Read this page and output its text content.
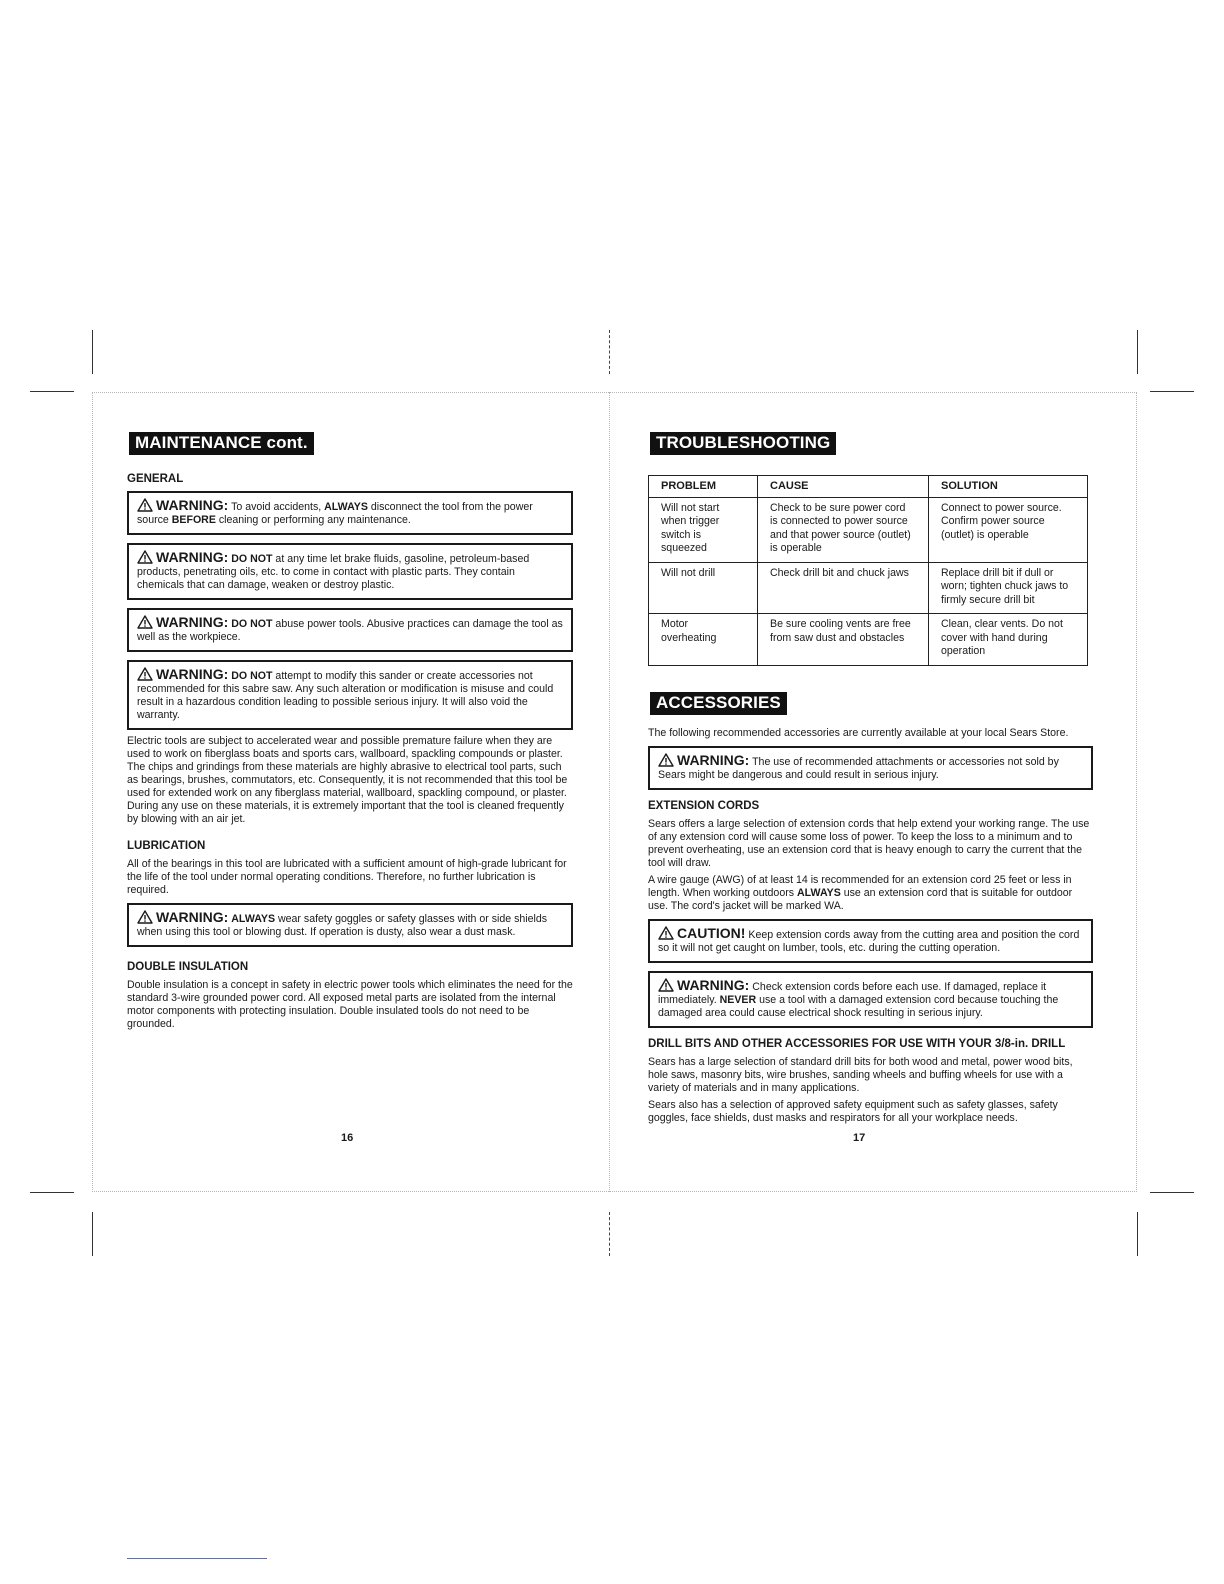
MAINTENANCE cont.
GENERAL
WARNING: To avoid accidents, ALWAYS disconnect the tool from the power source BEFORE cleaning or performing any maintenance.
WARNING: DO NOT at any time let brake fluids, gasoline, petroleum-based products, penetrating oils, etc. to come in contact with plastic parts. They contain chemicals that can damage, weaken or destroy plastic.
WARNING: DO NOT abuse power tools. Abusive practices can damage the tool as well as the workpiece.
WARNING: DO NOT attempt to modify this sander or create accessories not recommended for this sabre saw. Any such alteration or modification is misuse and could result in a hazardous condition leading to possible serious injury. It will also void the warranty.
Electric tools are subject to accelerated wear and possible premature failure when they are used to work on fiberglass boats and sports cars, wallboard, spackling compounds or plaster. The chips and grindings from these materials are highly abrasive to electrical tool parts, such as bearings, brushes, commutators, etc. Consequently, it is not recommended that this tool be used for extended work on any fiberglass material, wallboard, spackling compound, or plaster. During any use on these materials, it is extremely important that the tool is cleaned frequently by blowing with an air jet.
LUBRICATION
All of the bearings in this tool are lubricated with a sufficient amount of high-grade lubricant for the life of the tool under normal operating conditions. Therefore, no further lubrication is required.
WARNING: ALWAYS wear safety goggles or safety glasses with or side shields when using this tool or blowing dust. If operation is dusty, also wear a dust mask.
DOUBLE INSULATION
Double insulation is a concept in safety in electric power tools which eliminates the need for the standard 3-wire grounded power cord. All exposed metal parts are isolated from the internal motor components with protecting insulation. Double insulated tools do not need to be grounded.
16
TROUBLESHOOTING
PROBLEM	CAUSE	SOLUTION
Will not start when trigger switch is squeezed	Check to be sure power cord is connected to power source and that power source (outlet) is operable	Connect to power source. Confirm power source (outlet) is operable
Will not drill	Check drill bit and chuck jaws	Replace drill bit if dull or worn; tighten chuck jaws to firmly secure drill bit
Motor overheating	Be sure cooling vents are free from saw dust and obstacles	Clean, clear vents. Do not cover with hand during operation
ACCESSORIES
The following recommended accessories are currently available at your local Sears Store.
WARNING: The use of recommended attachments or accessories not sold by Sears might be dangerous and could result in serious injury.
EXTENSION CORDS
Sears offers a large selection of extension cords that help extend your working range. The use of any extension cord will cause some loss of power. To keep the loss to a minimum and to prevent overheating, use an extension cord that is heavy enough to carry the current that the tool will draw.
A wire gauge (AWG) of at least 14 is recommended for an extension cord 25 feet or less in length. When working outdoors ALWAYS use an extension cord that is suitable for outdoor use. The cord's jacket will be marked WA.
CAUTION! Keep extension cords away from the cutting area and position the cord so it will not get caught on lumber, tools, etc. during the cutting operation.
WARNING: Check extension cords before each use. If damaged, replace it immediately. NEVER use a tool with a damaged extension cord because touching the damaged area could cause electrical shock resulting in serious injury.
DRILL BITS AND OTHER ACCESSORIES FOR USE WITH YOUR 3/8-in. DRILL
Sears has a large selection of standard drill bits for both wood and metal, power wood bits, hole saws, masonry bits, wire brushes, sanding wheels and buffing wheels for use with a variety of materials and in many applications.
Sears also has a selection of approved safety equipment such as safety glasses, safety goggles, face shields, dust masks and respirators for all your workplace needs.
17
